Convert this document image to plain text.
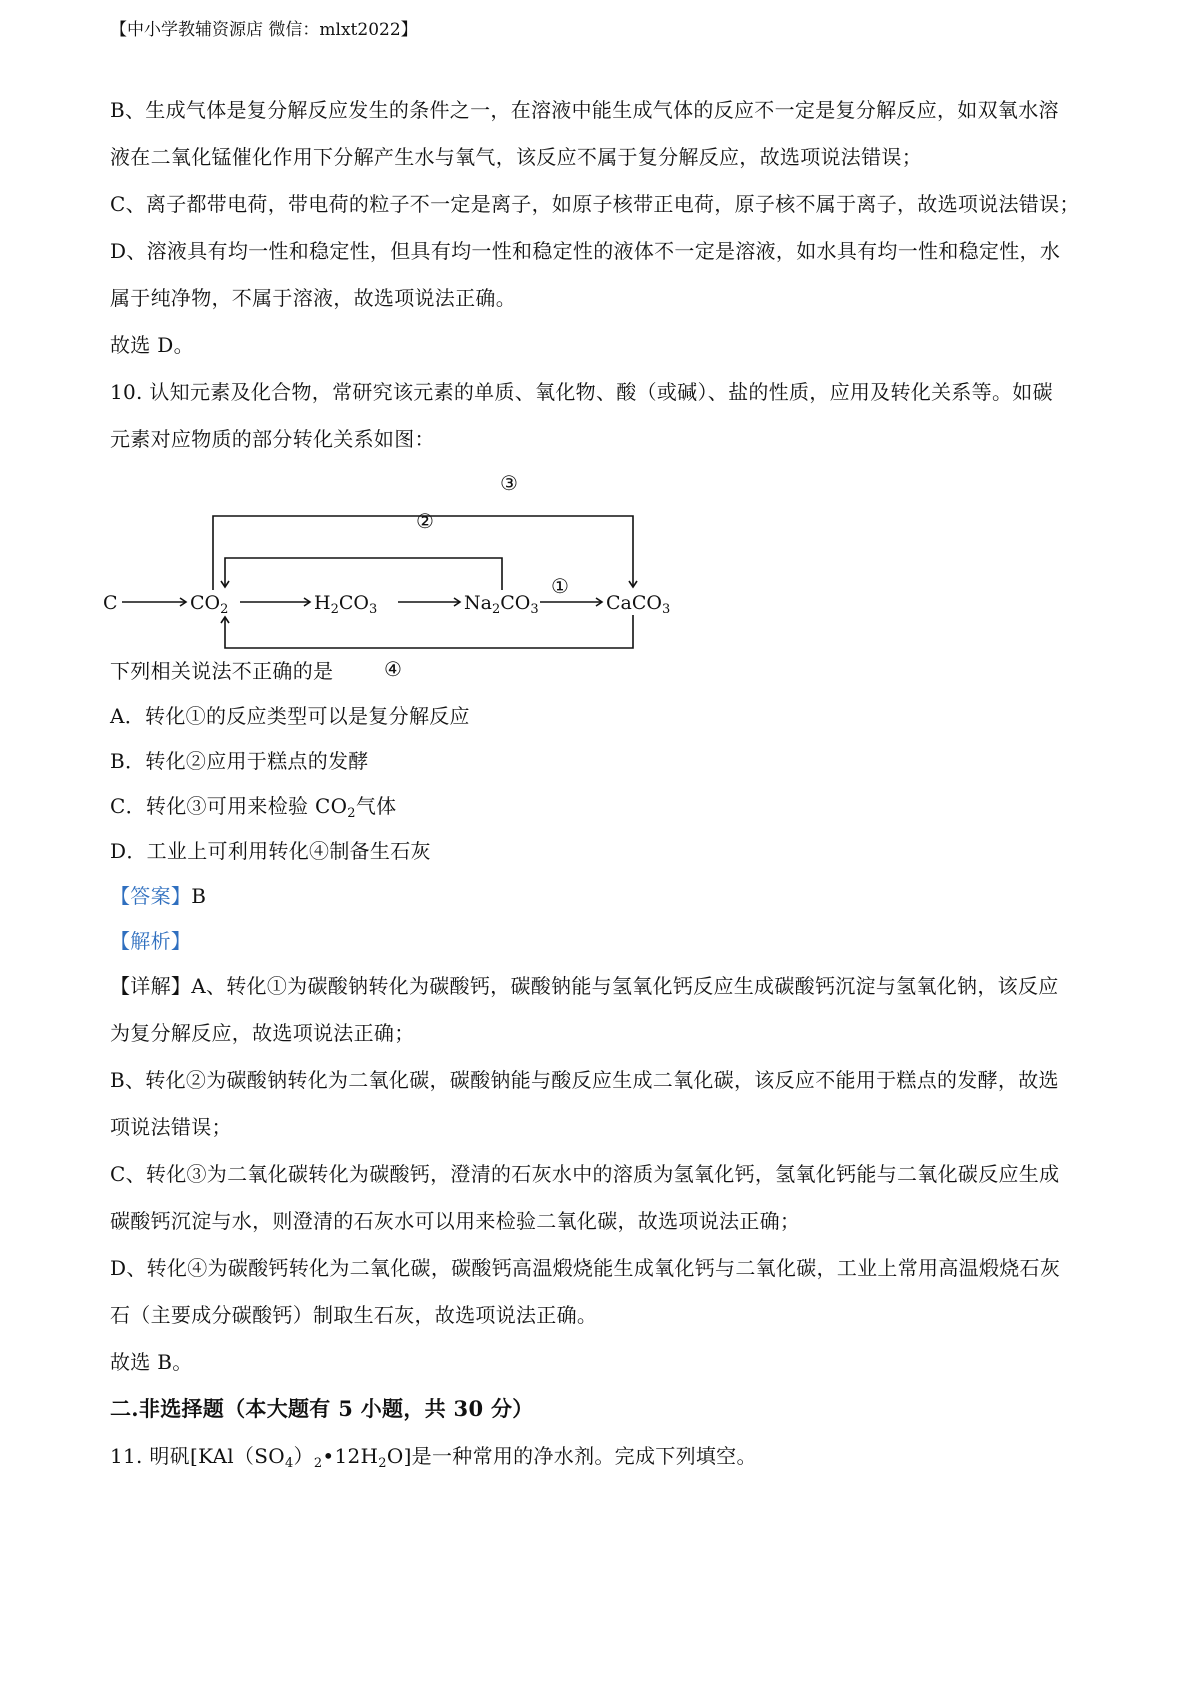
【中小学教辅资源店 微信：mlxt2022】
B、生成气体是复分解反应发生的条件之一，在溶液中能生成气体的反应不一定是复分解反应，如双氧水溶
液在二氧化锰催化作用下分解产生水与氧气，该反应不属于复分解反应，故选项说法错误；
C、离子都带电荷，带电荷的粒子不一定是离子，如原子核带正电荷，原子核不属于离子，故选项说法错误；
D、溶液具有均一性和稳定性，但具有均一性和稳定性的液体不一定是溶液，如水具有均一性和稳定性，水
属于纯净物，不属于溶液，故选项说法正确。
故选 D。
10. 认知元素及化合物，常研究该元素的单质、氧化物、酸（或碱）、盐的性质，应用及转化关系等。如碳
元素对应物质的部分转化关系如图：
C	$CO_2$	$H_2CO_3$	$Na_2CO_3$	CaCO$_3$
①
②
③
④
下列相关说法不正确的是
A．转化①的反应类型可以是复分解反应
B．转化②应用于糕点的发酵
C．转化③可用来检验 $CO_2$气体
D．工业上可利用转化④制备生石灰
【答案】B
【解析】
【详解】A、转化①为碳酸钠转化为碳酸钙，碳酸钠能与氢氧化钙反应生成碳酸钙沉淀与氢氧化钠，该反应
为复分解反应，故选项说法正确；
B、转化②为碳酸钠转化为二氧化碳，碳酸钠能与酸反应生成二氧化碳，该反应不能用于糕点的发酵，故选
项说法错误；
C、转化③为二氧化碳转化为碳酸钙，澄清的石灰水中的溶质为氢氧化钙，氢氧化钙能与二氧化碳反应生成
碳酸钙沉淀与水，则澄清的石灰水可以用来检验二氧化碳，故选项说法正确；
D、转化④为碳酸钙转化为二氧化碳，碳酸钙高温煅烧能生成氧化钙与二氧化碳，工业上常用高温煅烧石灰
石（主要成分碳酸钙）制取生石灰，故选项说法正确。
故选 B。
二.非选择题（本大题有 5 小题，共 30 分）
11. 明矾$[KAl(SO_4)_2•12H_2O]$是一种常用的净水剂。完成下列填空。
